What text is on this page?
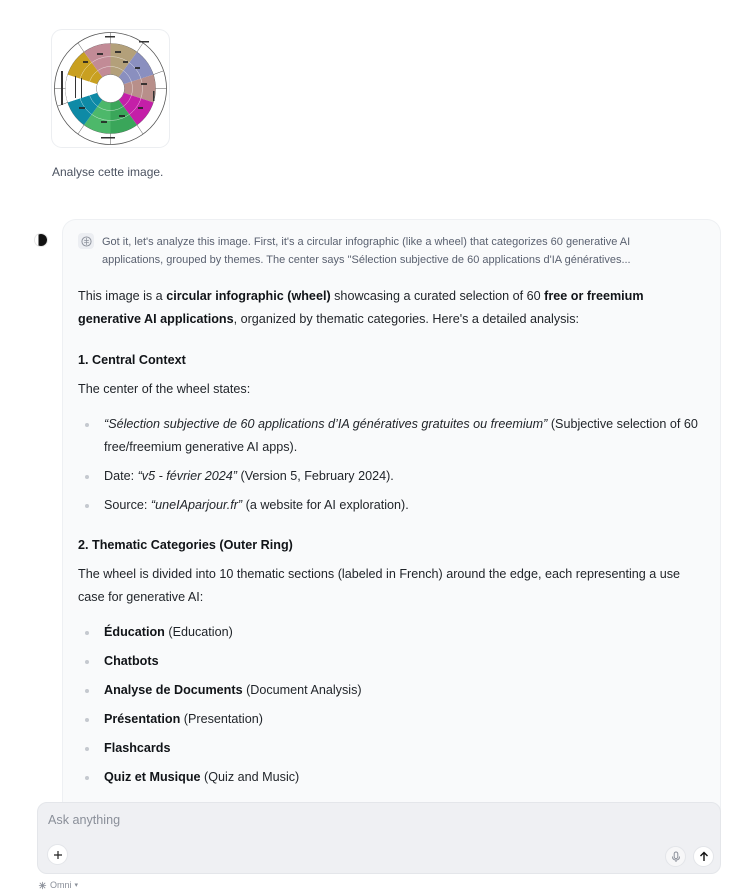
Analyse cette image.
Got it, let's analyze this image. First, it's a circular infographic (like a wheel) that categorizes 60 generative AI applications, grouped by themes. The center says "Sélection subjective de 60 applications d'IA génératives...

This image is a circular infographic (wheel) showcasing a curated selection of 60 free or freemium generative AI applications, organized by thematic categories. Here's a detailed analysis:

1. Central Context

The center of the wheel states:

“Sélection subjective de 60 applications d’IA génératives gratuites ou freemium” (Subjective selection of 60 free/freemium generative AI apps).
Date: “v5 - février 2024” (Version 5, February 2024).
Source: “uneIAparjour.fr” (a website for AI exploration).
2. Thematic Categories (Outer Ring)

The wheel is divided into 10 thematic sections (labeled in French) around the edge, each representing a use case for generative AI:

Éducation (Education)
Chatbots
Analyse de Documents (Document Analysis)
Présentation (Presentation)
Flashcards
Quiz et Musique (Quiz and Music)
Ask anything
Omni ▾
